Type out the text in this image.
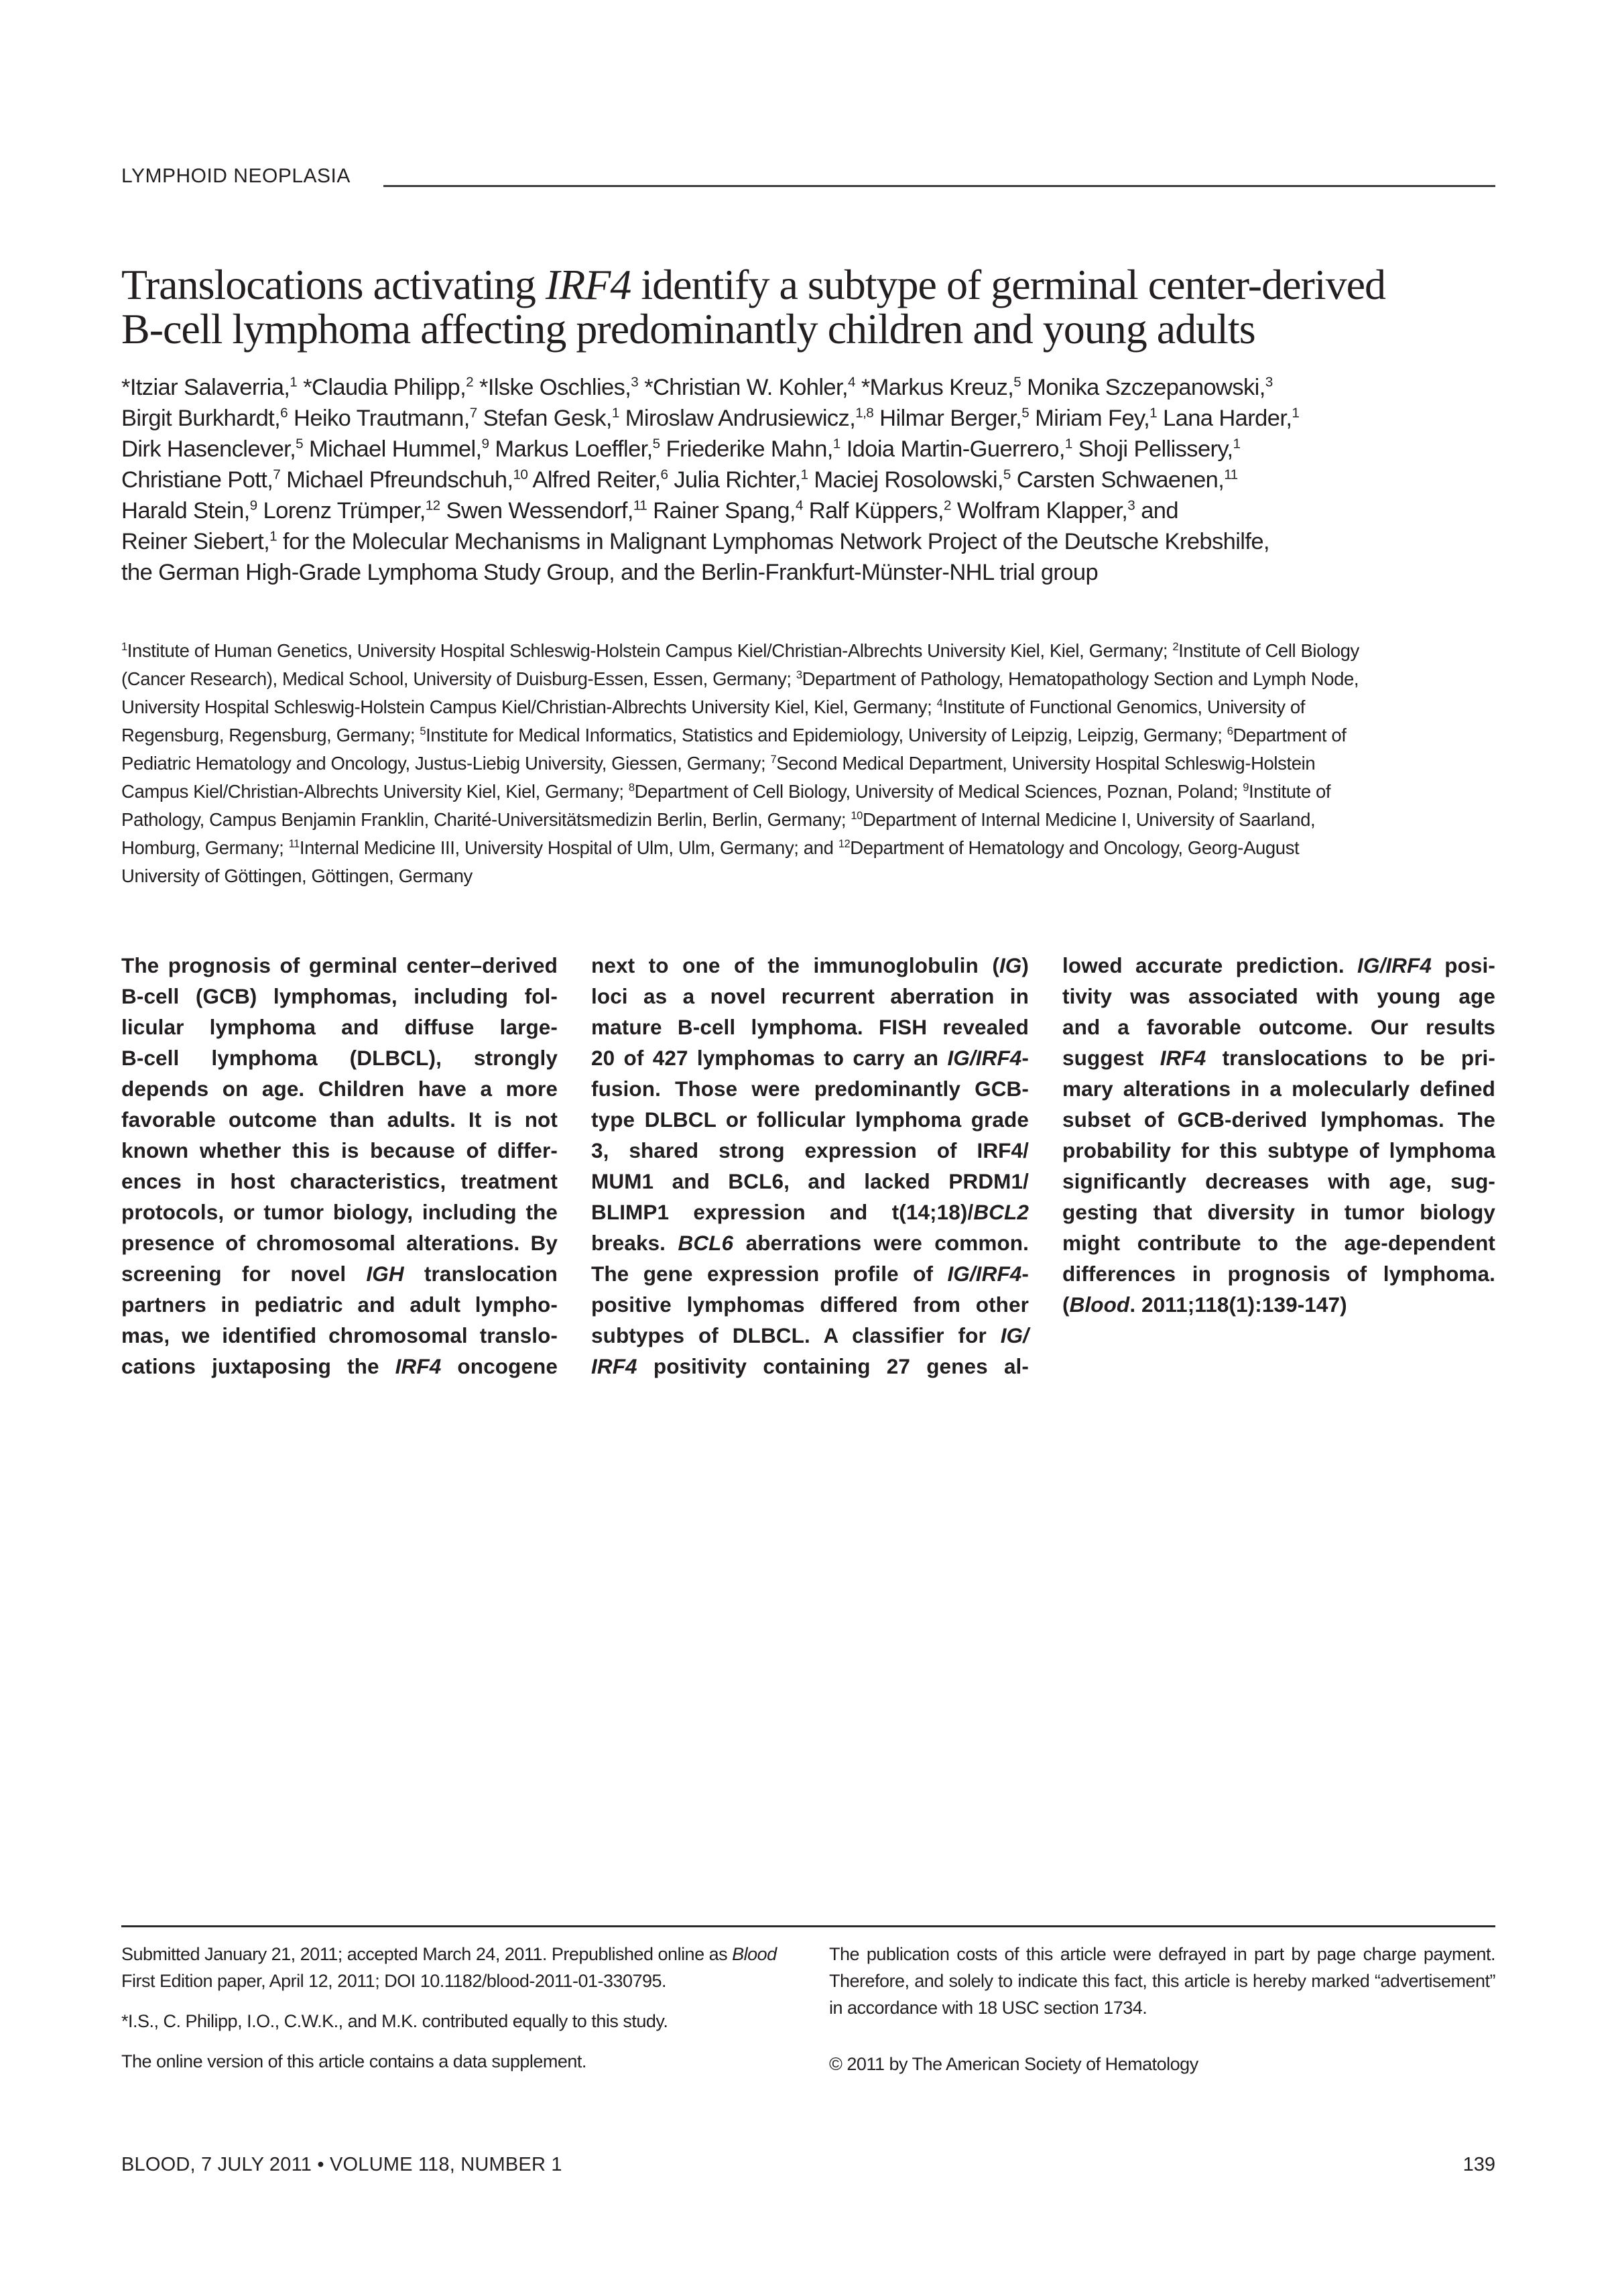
LYMPHOID NEOPLASIA
Translocations activating IRF4 identify a subtype of germinal center-derived
B-cell lymphoma affecting predominantly children and young adults
*Itziar Salaverria,$^1$ *Claudia Philipp,$^2$ *Ilske Oschlies,$^3$ *Christian W. Kohler,$^4$ *Markus Kreuz,$^5$ Monika Szczepanowski,$^3$
Birgit Burkhardt,$^6$ Heiko Trautmann,$^7$ Stefan Gesk,$^1$ Miroslaw Andrusiewicz,$^{1,8}$ Hilmar Berger,$^5$ Miriam Fey,$^1$ Lana Harder,$^1$
Dirk Hasenclever,$^5$ Michael Hummel,$^9$ Markus Loeffler,$^5$ Friederike Mahn,$^1$ Idoia Martin-Guerrero,$^1$ Shoji Pellissery,$^1$
Christiane Pott,$^7$ Michael Pfreundschuh,$^{10}$ Alfred Reiter,$^6$ Julia Richter,$^1$ Maciej Rosolowski,$^5$ Carsten Schwaenen,$^{11}$
Harald Stein,$^9$ Lorenz Trümper,$^{12}$ Swen Wessendorf,$^{11}$ Rainer Spang,$^4$ Ralf Küppers,$^2$ Wolfram Klapper,$^3$ and
Reiner Siebert,$^1$ for the Molecular Mechanisms in Malignant Lymphomas Network Project of the Deutsche Krebshilfe,
the German High-Grade Lymphoma Study Group, and the Berlin-Frankfurt-Münster-NHL trial group
$^1$Institute of Human Genetics, University Hospital Schleswig-Holstein Campus Kiel/Christian-Albrechts University Kiel, Kiel, Germany; $^2$Institute of Cell Biology
(Cancer Research), Medical School, University of Duisburg-Essen, Essen, Germany; $^3$Department of Pathology, Hematopathology Section and Lymph Node,
University Hospital Schleswig-Holstein Campus Kiel/Christian-Albrechts University Kiel, Kiel, Germany; $^4$Institute of Functional Genomics, University of
Regensburg, Regensburg, Germany; $^5$Institute for Medical Informatics, Statistics and Epidemiology, University of Leipzig, Leipzig, Germany; $^6$Department of
Pediatric Hematology and Oncology, Justus-Liebig University, Giessen, Germany; $^7$Second Medical Department, University Hospital Schleswig-Holstein
Campus Kiel/Christian-Albrechts University Kiel, Kiel, Germany; $^8$Department of Cell Biology, University of Medical Sciences, Poznan, Poland; $^9$Institute of
Pathology, Campus Benjamin Franklin, Charité-Universitätsmedizin Berlin, Berlin, Germany; $^{10}$Department of Internal Medicine I, University of Saarland,
Homburg, Germany; $^{11}$Internal Medicine III, University Hospital of Ulm, Ulm, Germany; and $^{12}$Department of Hematology and Oncology, Georg-August
University of Göttingen, Göttingen, Germany
The prognosis of germinal center–derived
B-cell (GCB) lymphomas, including fol-
licular lymphoma and diffuse large-
B-cell lymphoma (DLBCL), strongly
depends on age. Children have a more
favorable outcome than adults. It is not
known whether this is because of differ-
ences in host characteristics, treatment
protocols, or tumor biology, including the
presence of chromosomal alterations. By
screening for novel IGH translocation
partners in pediatric and adult lympho-
mas, we identified chromosomal translo-
cations juxtaposing the IRF4 oncogene
next to one of the immunoglobulin (IG)
loci as a novel recurrent aberration in
mature B-cell lymphoma. FISH revealed
20 of 427 lymphomas to carry an IG/IRF4-
fusion. Those were predominantly GCB-
type DLBCL or follicular lymphoma grade
3, shared strong expression of IRF4/
MUM1 and BCL6, and lacked PRDM1/
BLIMP1 expression and t(14;18)/BCL2
breaks. BCL6 aberrations were common.
The gene expression profile of IG/IRF4-
positive lymphomas differed from other
subtypes of DLBCL. A classifier for IG/
IRF4 positivity containing 27 genes al-
lowed accurate prediction. IG/IRF4 posi-
tivity was associated with young age
and a favorable outcome. Our results
suggest IRF4 translocations to be pri-
mary alterations in a molecularly defined
subset of GCB-derived lymphomas. The
probability for this subtype of lymphoma
significantly decreases with age, sug-
gesting that diversity in tumor biology
might contribute to the age-dependent
differences in prognosis of lymphoma.
(Blood. 2011;118(1):139-147)

Submitted January 21, 2011; accepted March 24, 2011. Prepublished online as Blood First Edition paper, April 12, 2011; DOI 10.1182/blood-2011-01-330795.

*I.S., C. Philipp, I.O., C.W.K., and M.K. contributed equally to this study.

The online version of this article contains a data supplement.

The publication costs of this article were defrayed in part by page charge payment. Therefore, and solely to indicate this fact, this article is hereby marked “advertisement” in accordance with 18 USC section 1734.

© 2011 by The American Society of Hematology

BLOOD, 7 JULY 2011 • VOLUME 118, NUMBER 1	139
